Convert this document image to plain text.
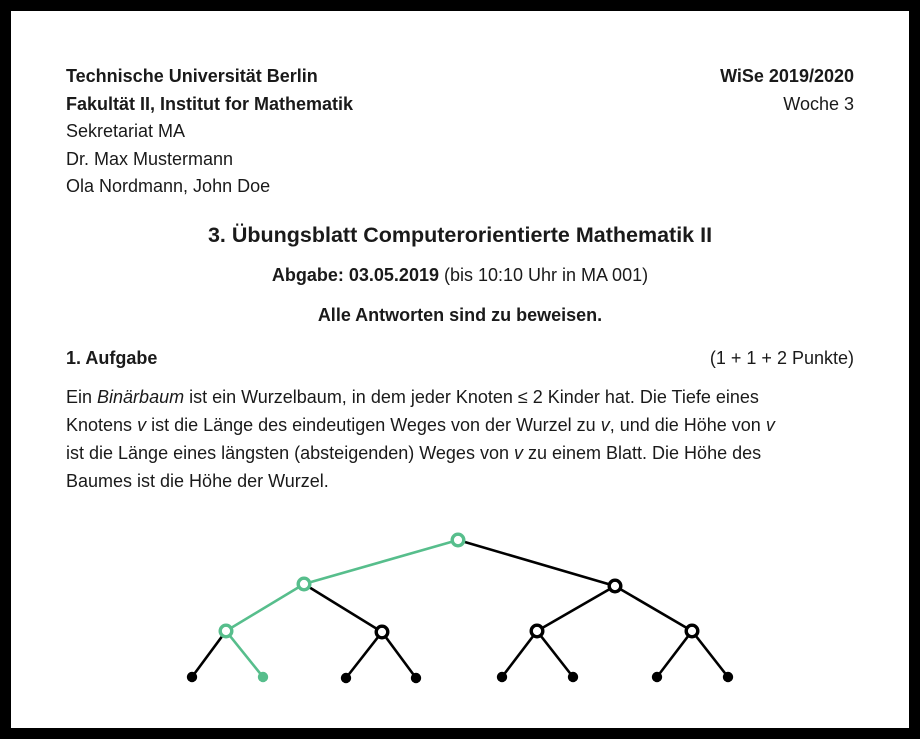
Technische Universität Berlin
Fakultät II, Institut for Mathematik
Sekretariat MA
Dr. Max Mustermann
Ola Nordmann, John Doe
WiSe 2019/2020
Woche 3
3. Übungsblatt Computerorientierte Mathematik II

Abgabe: 03.05.2019 (bis 10:10 Uhr in MA 001)

Alle Antworten sind zu beweisen.

1. Aufgabe	(1 + 1 + 2 Punkte)

Ein Binärbaum ist ein Wurzelbaum, in dem jeder Knoten ≤ 2 Kinder hat. Die Tiefe eines
Knotens v ist die Länge des eindeutigen Weges von der Wurzel zu v, und die Höhe von v
ist die Länge eines längsten (absteigenden) Weges von v zu einem Blatt. Die Höhe des
Baumes ist die Höhe der Wurzel.
